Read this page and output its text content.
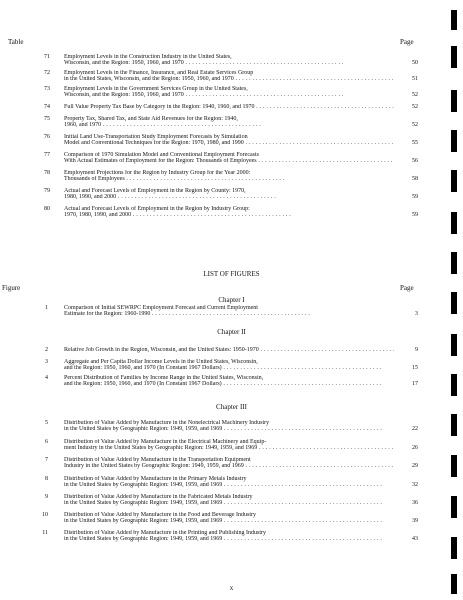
Table	Page
71 Employment Levels in the Construction Industry in the United States,
Wisconsin, and the Region: 1950, 1960, and 1970 . . .	50
72 Employment Levels in the Finance, Insurance, and Real Estate Services Group
in the United States, Wisconsin, and the Region: 1950, 1960, and 1970 . . .	51
73 Employment Levels in the Government Services Group in the United States,
Wisconsin, and the Region: 1950, 1960, and 1970 . . .	52
74 Full Value Property Tax Base by Category in the Region: 1940, 1960, and 1970 . . .	52
75 Property Tax, Shared Tax, and State Aid Revenues for the Region: 1940,
1960, and 1970 . . .	52
76 Initial Land Use-Transportation Study Employment Forecasts by Simulation
Model and Conventional Techniques for the Region: 1970, 1980, and 1990 . . .	55
77 Comparison of 1970 Simulation Model and Conventional Employment Forecasts
With Actual Estimates of Employment for the Region: Thousands of Employees . . .	56
78 Employment Projections for the Region by Industry Group for the Year 2000:
Thousands of Employees . . .	58
79 Actual and Forecast Levels of Employment in the Region by County: 1970,
1980, 1990, and 2000 . . .	59
80 Actual and Forecast Levels of Employment in the Region by Industry Group:
1970, 1980, 1990, and 2000 . . .	59
LIST OF FIGURES
Chapter I
Figure	Page
1	Comparison of Initial SEWRPC Employment Forecast and Current Employment
Estimate for the Region: 1960-1990 . . .	3
Chapter II
2	Relative Job Growth in the Region, Wisconsin, and the United States: 1950-1970 . . .	9
3	Aggregate and Per Capita Dollar Income Levels in the United States, Wisconsin,
and the Region: 1950, 1960, and 1970 (In Constant 1967 Dollars) . . .	15
4	Percent Distribution of Families by Income Range in the United States, Wisconsin,
and the Region: 1950, 1960, and 1970 (In Constant 1967 Dollars) . . .	17
Chapter III
5	Distribution of Value Added by Manufacture in the Nonelectrical Machinery Industry
in the United States by Geographic Region: 1949, 1959, and 1969 . . .	22
6	Distribution of Value Added by Manufacture in the Electrical Machinery and Equip-
ment Industry in the United States by Geographic Region: 1949, 1959, and 1969 . . .	26
7	Distribution of Value Added by Manufacture in the Transportation Equipment
Industry in the United States by Geographic Region: 1949, 1959, and 1969 . . .	29
8	Distribution of Value Added by Manufacture in the Primary Metals Industry
in the United States by Geographic Region: 1949, 1959, and 1969 . . .	32
9	Distribution of Value Added by Manufacture in the Fabricated Metals Industry
in the United States by Geographic Region: 1949, 1959, and 1969 . . .	36
10	Distribution of Value Added by Manufacture in the Food and Beverage Industry
in the United States by Geographic Region: 1949, 1959, and 1969 . . .	39
11	Distribution of Value Added by Manufacture in the Printing and Publishing Industry
in the United States by Geographic Region: 1949, 1959, and 1969 . . .	43
x
